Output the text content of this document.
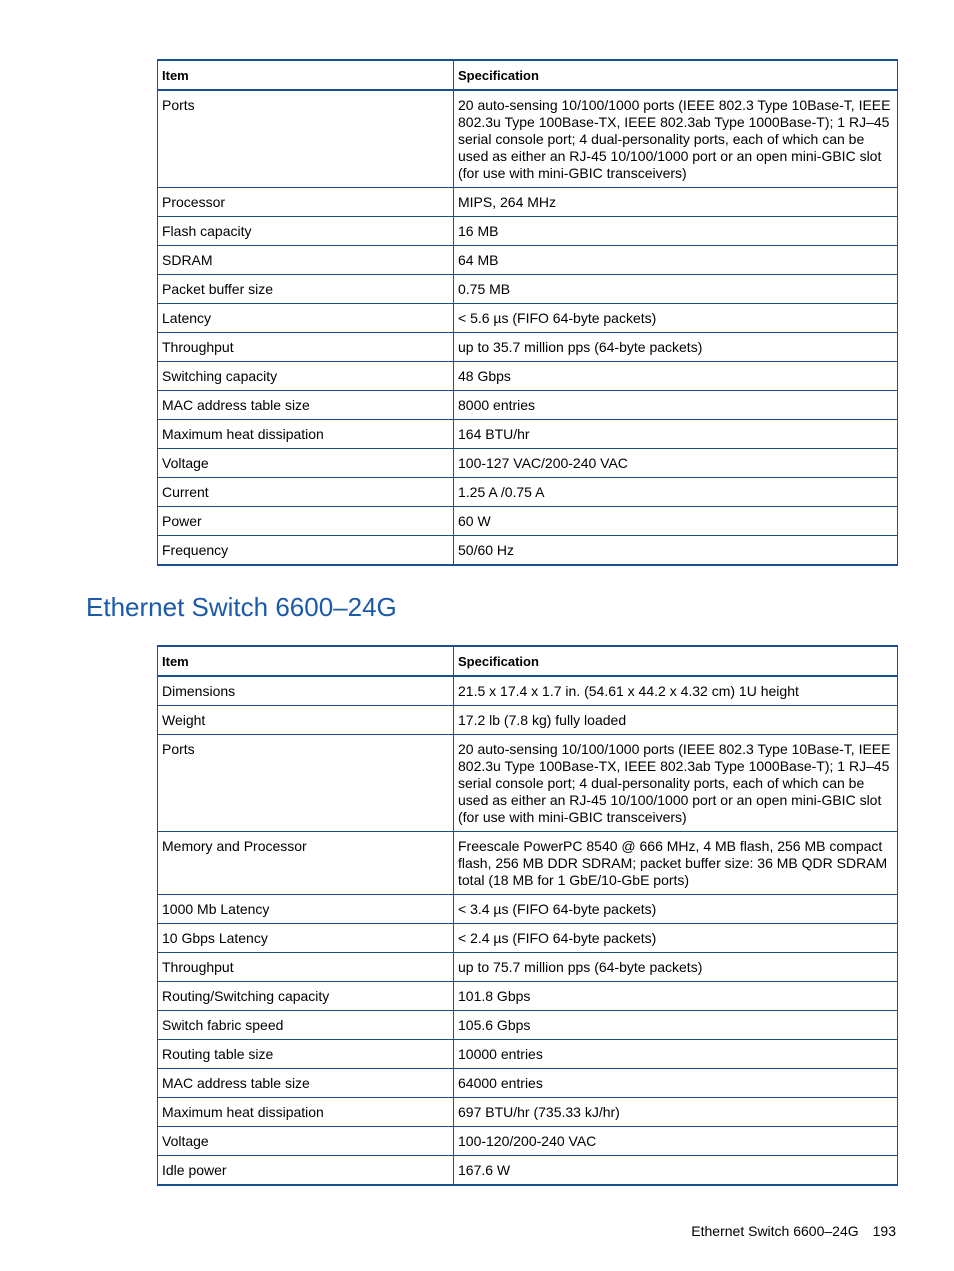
Item	Specification
Ports	20 auto-sensing 10/100/1000 ports (IEEE 802.3 Type 10Base-T, IEEE 802.3u Type 100Base-TX, IEEE 802.3ab Type 1000Base-T); 1 RJ–45 serial console port; 4 dual-personality ports, each of which can be used as either an RJ-45 10/100/1000 port or an open mini-GBIC slot (for use with mini-GBIC transceivers)
Processor	MIPS, 264 MHz
Flash capacity	16 MB
SDRAM	64 MB
Packet buffer size	0.75 MB
Latency	< 5.6 µs (FIFO 64-byte packets)
Throughput	up to 35.7 million pps (64-byte packets)
Switching capacity	48 Gbps
MAC address table size	8000 entries
Maximum heat dissipation	164 BTU/hr
Voltage	100-127 VAC/200-240 VAC
Current	1.25 A /0.75 A
Power	60 W
Frequency	50/60 Hz
Ethernet Switch 6600–24G
Item	Specification
Dimensions	21.5 x 17.4 x 1.7 in. (54.61 x 44.2 x 4.32 cm) 1U height
Weight	17.2 lb (7.8 kg) fully loaded
Ports	20 auto-sensing 10/100/1000 ports (IEEE 802.3 Type 10Base-T, IEEE 802.3u Type 100Base-TX, IEEE 802.3ab Type 1000Base-T); 1 RJ–45 serial console port; 4 dual-personality ports, each of which can be used as either an RJ-45 10/100/1000 port or an open mini-GBIC slot (for use with mini-GBIC transceivers)
Memory and Processor	Freescale PowerPC 8540 @ 666 MHz, 4 MB flash, 256 MB compact flash, 256 MB DDR SDRAM; packet buffer size: 36 MB QDR SDRAM total (18 MB for 1 GbE/10-GbE ports)
1000 Mb Latency	< 3.4 µs (FIFO 64-byte packets)
10 Gbps Latency	< 2.4 µs (FIFO 64-byte packets)
Throughput	up to 75.7 million pps (64-byte packets)
Routing/Switching capacity	101.8 Gbps
Switch fabric speed	105.6 Gbps
Routing table size	10000 entries
MAC address table size	64000 entries
Maximum heat dissipation	697 BTU/hr (735.33 kJ/hr)
Voltage	100-120/200-240 VAC
Idle power	167.6 W
Ethernet Switch 6600–24G 193
